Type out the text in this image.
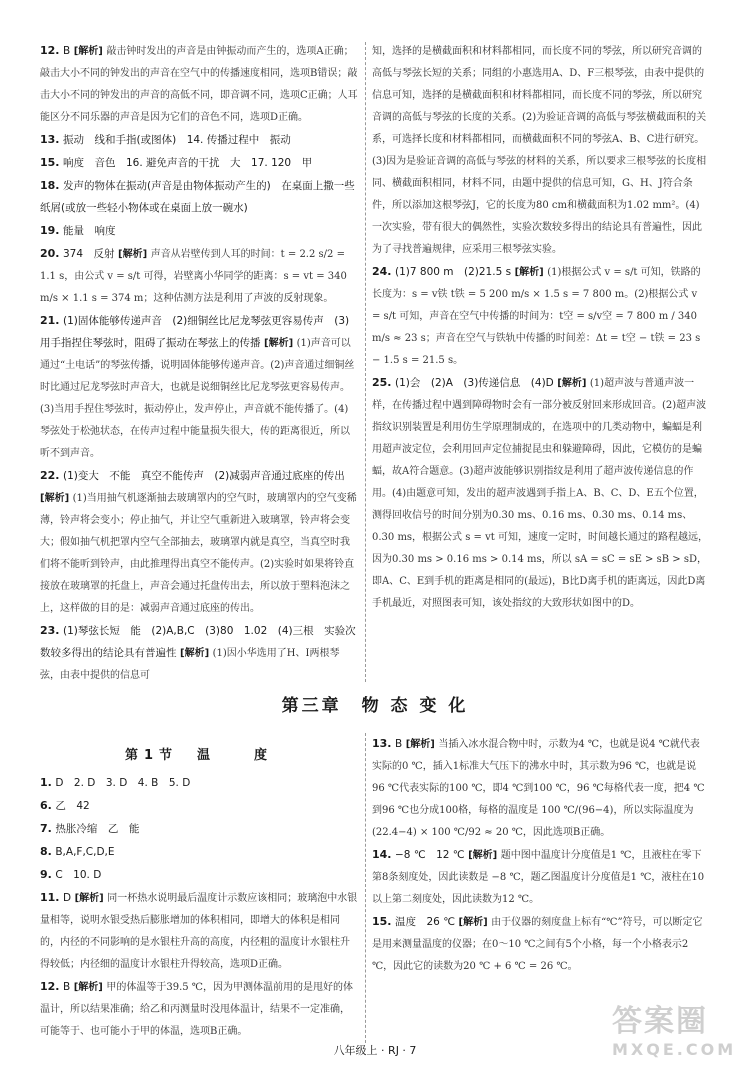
12. B [解析] 敲击钟时发出的声音是由钟振动而产生的，选项A正确；敲击大小不同的钟发出的声音在空气中的传播速度相同，选项B错误；敲击大小不同的钟发出的声音的高低不同，即音调不同，选项C正确；人耳能区分不同乐器的声音是因为它们的音色不同，选项D正确。
13. 振动　线和手指(或图体)　14. 传播过程中　振动
15. 响度　音色　16. 避免声音的干扰　大　17. 120　甲
18. 发声的物体在振动(声音是由物体振动产生的)　在桌面上撒一些纸屑(或放一些轻小物体或在桌面上放一碗水)
19. 能量　响度
20. 374　反射 [解析] 声音从岩壁传到人耳的时间：t = 2.2 s/2 = 1.1 s，由公式 v = s/t 可得，岩壁离小华同学的距离：s = vt = 340 m/s × 1.1 s = 374 m；这种估测方法是利用了声波的反射现象。
21. (1)固体能够传递声音　(2)细铜丝比尼龙琴弦更容易传声　(3)用手指捏住琴弦时，阻碍了振动在琴弦上的传播 [解析] (1)声音可以通过“土电话”的琴弦传播，说明固体能够传递声音。(2)声音通过细铜丝时比通过尼龙琴弦时声音大，也就是说细铜丝比尼龙琴弦更容易传声。(3)当用手捏住琴弦时，振动停止，发声停止，声音就不能传播了。(4)琴弦处于松弛状态，在传声过程中能量损失很大，传的距离很近，所以听不到声音。
22. (1)变大　不能　真空不能传声　(2)减弱声音通过底座的传出 [解析] (1)当用抽气机逐渐抽去玻璃罩内的空气时，玻璃罩内的空气变稀薄，铃声将会变小；停止抽气，并让空气重新进入玻璃罩，铃声将会变大；假如抽气机把罩内空气全部抽去，玻璃罩内就是真空，当真空时我们将不能听到铃声，由此推理得出真空不能传声。(2)实验时如果将铃直接放在玻璃罩的托盘上，声音会通过托盘传出去，所以放于塑料泡沫之上，这样做的目的是：减弱声音通过底座的传出。
23. (1)琴弦长短　能　(2)A,B,C　(3)80　1.02　(4)三根　实验次数较多得出的结论具有普遍性 [解析] (1)因小华选用了H、I两根琴弦，由表中提供的信息可
知，选择的是横截面积和材料都相同，而长度不同的琴弦，所以研究音调的高低与琴弦长短的关系；同组的小惠选用A、D、F三根琴弦，由表中提供的信息可知，选择的是横截面积和材料都相同，而长度不同的琴弦，所以研究音调的高低与琴弦的长度的关系。(2)为验证音调的高低与琴弦横截面积的关系，可选择长度和材料都相同，而横截面积不同的琴弦A、B、C进行研究。(3)因为是验证音调的高低与琴弦的材料的关系，所以要求三根琴弦的长度相同、横截面积相同，材料不同，由题中提供的信息可知，G、H、J符合条件，所以添加这根琴弦J，它的长度为80 cm和横截面积为1.02 mm²。(4)一次实验，带有很大的偶然性，实验次数较多得出的结论具有普遍性，因此为了寻找普遍规律，应采用三根琴弦实验。
24. (1)7 800 m　(2)21.5 s [解析] (1)根据公式 v = s/t 可知，铁路的长度为：s = v铁 t铁 = 5 200 m/s × 1.5 s = 7 800 m。(2)根据公式 v = s/t 可知，声音在空气中传播的时间为：t空 = s/v空 = 7 800 m / 340 m/s ≈ 23 s；声音在空气与铁轨中传播的时间差：Δt = t空 − t铁 = 23 s − 1.5 s = 21.5 s。
25. (1)会　(2)A　(3)传递信息　(4)D [解析] (1)超声波与普通声波一样，在传播过程中遇到障碍物时会有一部分被反射回来形成回音。(2)超声波指纹识别装置是利用仿生学原理制成的，在选项中的几类动物中，蝙蝠是利用超声波定位，会利用回声定位捕捉昆虫和躲避障碍，因此，它模仿的是蝙蝠，故A符合题意。(3)超声波能够识别指纹是利用了超声波传递信息的作用。(4)由题意可知，发出的超声波遇到手指上A、B、C、D、E五个位置，测得回收信号的时间分别为0.30 ms、0.16 ms、0.30 ms、0.14 ms、0.30 ms，根据公式 s = vt 可知，速度一定时，时间越长通过的路程越远，因为0.30 ms > 0.16 ms > 0.14 ms，所以 sA = sC = sE > sB > sD，即A、C、E到手机的距离是相同的(最远)，B比D离手机的距离远，因此D离手机最近，对照图表可知，该处指纹的大致形状如图中的D。
第三章　物 态 变 化
第1节　温　　度
1. D　2. D　3. D　4. B　5. D
6. 乙　42
7. 热胀冷缩　乙　能
8. B,A,F,C,D,E
9. C　10. D
11. D [解析] 同一杯热水说明最后温度计示数应该相同；玻璃泡中水银量相等，说明水银受热后膨胀增加的体积相同，即增大的体积是相同的，内径的不同影响的是水银柱升高的高度，内径粗的温度计水银柱升得较低；内径细的温度计水银柱升得较高，选项D正确。
12. B [解析] 甲的体温等于39.5 ℃，因为甲测体温前用的是甩好的体温计，所以结果准确；给乙和丙测量时没甩体温计，结果不一定准确，可能等于、也可能小于甲的体温，选项B正确。
13. B [解析] 当插入冰水混合物中时，示数为4 ℃，也就是说4 ℃就代表实际的0 ℃，插入1标准大气压下的沸水中时，其示数为96 ℃，也就是说96 ℃代表实际的100 ℃，即4 ℃到100 ℃，96 ℃每格代表一度，把4 ℃到96 ℃也分成100格，每格的温度是 100 ℃/(96−4)，所以实际温度为(22.4−4) × 100 ℃/92 ≈ 20 ℃，因此选项B正确。
14. −8 ℃　12 ℃ [解析] 题中图中温度计分度值是1 ℃，且液柱在零下第8条刻度处，因此读数是 −8 ℃，题乙图温度计分度值是1 ℃，液柱在10以上第二刻度处，因此读数为12 ℃。
15. 温度　26 ℃ [解析] 由于仪器的刻度盘上标有“℃”符号，可以断定它是用来测量温度的仪器；在0～10 ℃之间有5个小格，每一个小格表示2 ℃，因此它的读数为20 ℃ + 6 ℃ = 26 ℃。
八年级上 · RJ · 7
答案圈
MXQE.COM
